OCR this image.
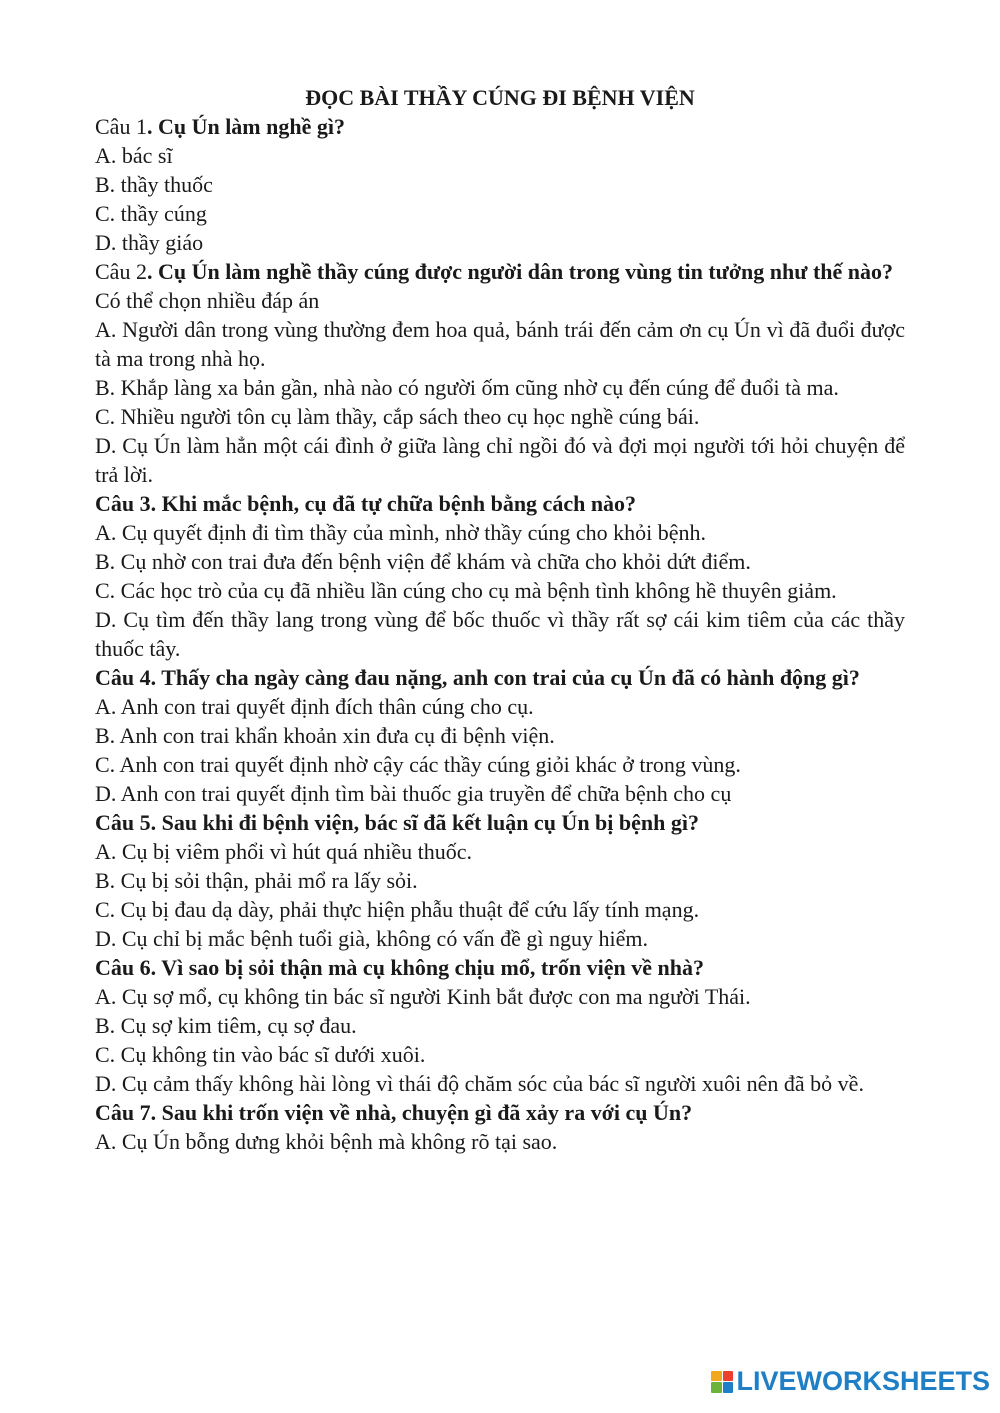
ĐỌC BÀI THẦY CÚNG ĐI BỆNH VIỆN

Câu 1. Cụ Ún làm nghề gì?

A. bác sĩ

B. thầy thuốc

C. thầy cúng

D. thầy giáo

Câu 2. Cụ Ún làm nghề thầy cúng được người dân trong vùng tin tưởng như thế nào?

Có thể chọn nhiều đáp án

A. Người dân trong vùng thường đem hoa quả, bánh trái đến cảm ơn cụ Ún vì đã đuổi được tà ma trong nhà họ.

B. Khắp làng xa bản gần, nhà nào có người ốm cũng nhờ cụ đến cúng để đuổi tà ma.

C. Nhiều người tôn cụ làm thầy, cắp sách theo cụ học nghề cúng bái.

D. Cụ Ún làm hẳn một cái đình ở giữa làng chỉ ngồi đó và đợi mọi người tới hỏi chuyện để trả lời.

Câu 3. Khi mắc bệnh, cụ đã tự chữa bệnh bằng cách nào?

A. Cụ quyết định đi tìm thầy của mình, nhờ thầy cúng cho khỏi bệnh.

B. Cụ nhờ con trai đưa đến bệnh viện để khám và chữa cho khỏi dứt điểm.

C. Các học trò của cụ đã nhiều lần cúng cho cụ mà bệnh tình không hề thuyên giảm.

D. Cụ tìm đến thầy lang trong vùng để bốc thuốc vì thầy rất sợ cái kim tiêm của các thầy thuốc tây.

Câu 4. Thấy cha ngày càng đau nặng, anh con trai của cụ Ún đã có hành động gì?

A. Anh con trai quyết định đích thân cúng cho cụ.

B. Anh con trai khẩn khoản xin đưa cụ đi bệnh viện.

C. Anh con trai quyết định nhờ cậy các thầy cúng giỏi khác ở trong vùng.

D. Anh con trai quyết định tìm bài thuốc gia truyền để chữa bệnh cho cụ

Câu 5. Sau khi đi bệnh viện, bác sĩ đã kết luận cụ Ún bị bệnh gì?

A. Cụ bị viêm phổi vì hút quá nhiều thuốc.

B. Cụ bị sỏi thận, phải mổ ra lấy sỏi.

C. Cụ bị đau dạ dày, phải thực hiện phẫu thuật để cứu lấy tính mạng.

D. Cụ chỉ bị mắc bệnh tuổi già, không có vấn đề gì nguy hiểm.

Câu 6. Vì sao bị sỏi thận mà cụ không chịu mổ, trốn viện về nhà?

A. Cụ sợ mổ, cụ không tin bác sĩ người Kinh bắt được con ma người Thái.

B. Cụ sợ kim tiêm, cụ sợ đau.

C. Cụ không tin vào bác sĩ dưới xuôi.

D. Cụ cảm thấy không hài lòng vì thái độ chăm sóc của bác sĩ người xuôi nên đã bỏ về.

Câu 7. Sau khi trốn viện về nhà, chuyện gì đã xảy ra với cụ Ún?

A. Cụ Ún bỗng dưng khỏi bệnh mà không rõ tại sao.

LIVEWORKSHEETS
